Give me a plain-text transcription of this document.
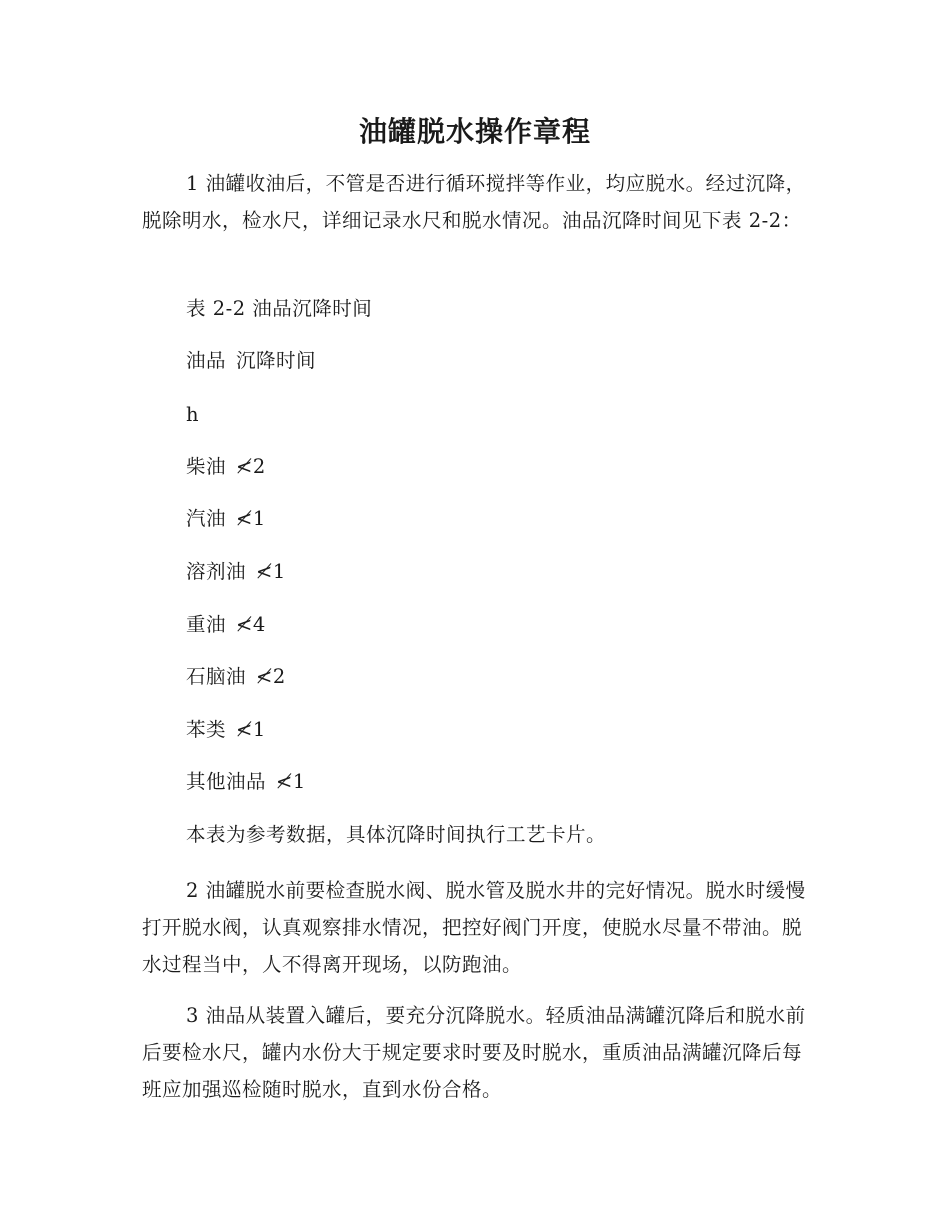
油罐脱水操作章程

1 油罐收油后，不管是否进行循环搅拌等作业，均应脱水。经过沉降，脱除明水，检水尺，详细记录水尺和脱水情况。油品沉降时间见下表 2-2：

表 2-2 油品沉降时间
油品 沉降时间
h
柴油 ≮2
汽油 ≮1
溶剂油 ≮1
重油 ≮4
石脑油 ≮2
苯类 ≮1
其他油品 ≮1
本表为参考数据，具体沉降时间执行工艺卡片。

2 油罐脱水前要检查脱水阀、脱水管及脱水井的完好情况。脱水时缓慢打开脱水阀，认真观察排水情况，把控好阀门开度，使脱水尽量不带油。脱水过程当中，人不得离开现场，以防跑油。

3 油品从装置入罐后，要充分沉降脱水。轻质油品满罐沉降后和脱水前后要检水尺，罐内水份大于规定要求时要及时脱水，重质油品满罐沉降后每班应加强巡检随时脱水，直到水份合格。
